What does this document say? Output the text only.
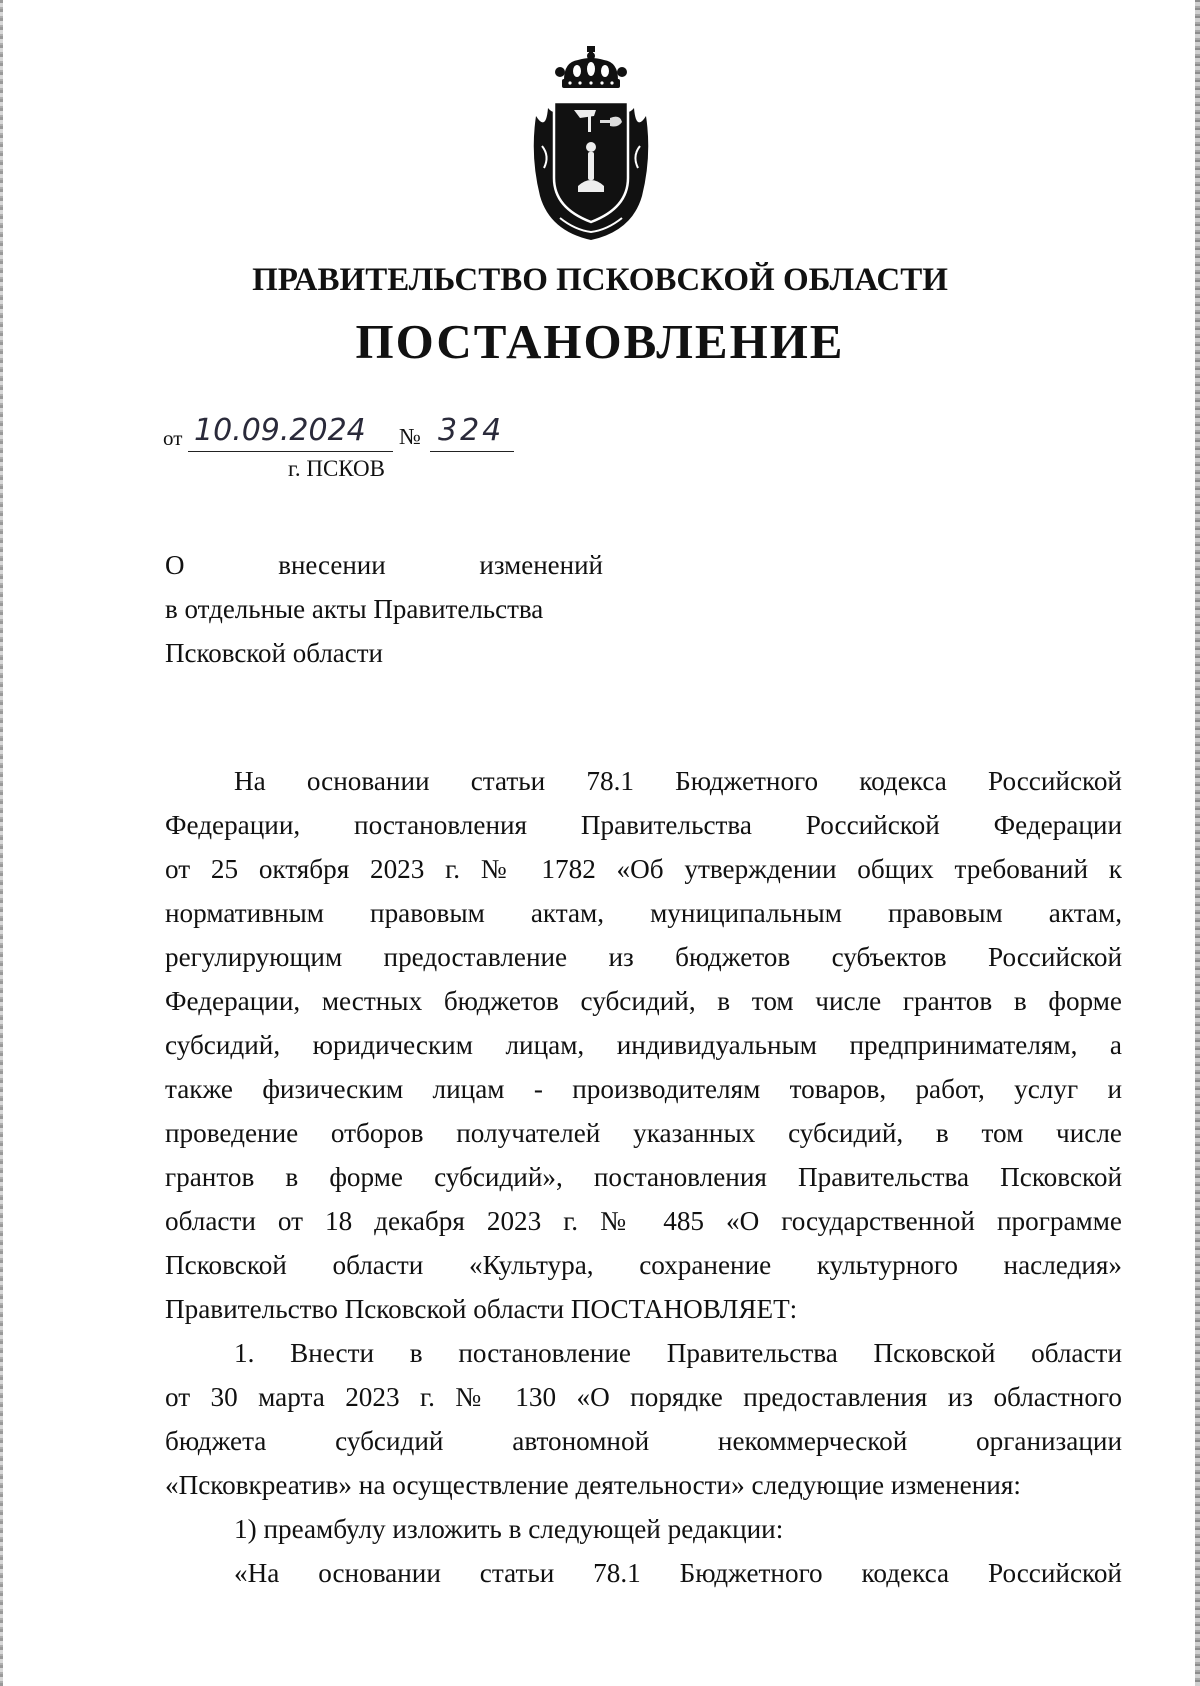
ПРАВИТЕЛЬСТВО ПСКОВСКОЙ ОБЛАСТИ
ПОСТАНОВЛЕНИЕ
от 10.09.2024	№ 324
г. ПСКОВ
О	внесении	изменений
в отдельные акты Правительства
Псковской области
На основании статьи 78.1 Бюджетного кодекса Российской
Федерации, постановления Правительства Российской Федерации
от 25 октября 2023 г. № 1782 «Об утверждении общих требований к
нормативным правовым актам, муниципальным правовым актам,
регулирующим предоставление из бюджетов субъектов Российской
Федерации, местных бюджетов субсидий, в том числе грантов в форме
субсидий, юридическим лицам, индивидуальным предпринимателям, а
также физическим лицам - производителям товаров, работ, услуг и
проведение отборов получателей указанных субсидий, в том числе
грантов в форме субсидий», постановления Правительства Псковской
области от 18 декабря 2023 г. № 485 «О государственной программе
Псковской области «Культура, сохранение культурного наследия»
Правительство Псковской области ПОСТАНОВЛЯЕТ:
1. Внести в постановление Правительства Псковской области
от 30 марта 2023 г. № 130 «О порядке предоставления из областного
бюджета субсидий автономной некоммерческой организации
«Псковкреатив» на осуществление деятельности» следующие изменения:
1) преамбулу изложить в следующей редакции:
«На основании статьи 78.1 Бюджетного кодекса Российской
